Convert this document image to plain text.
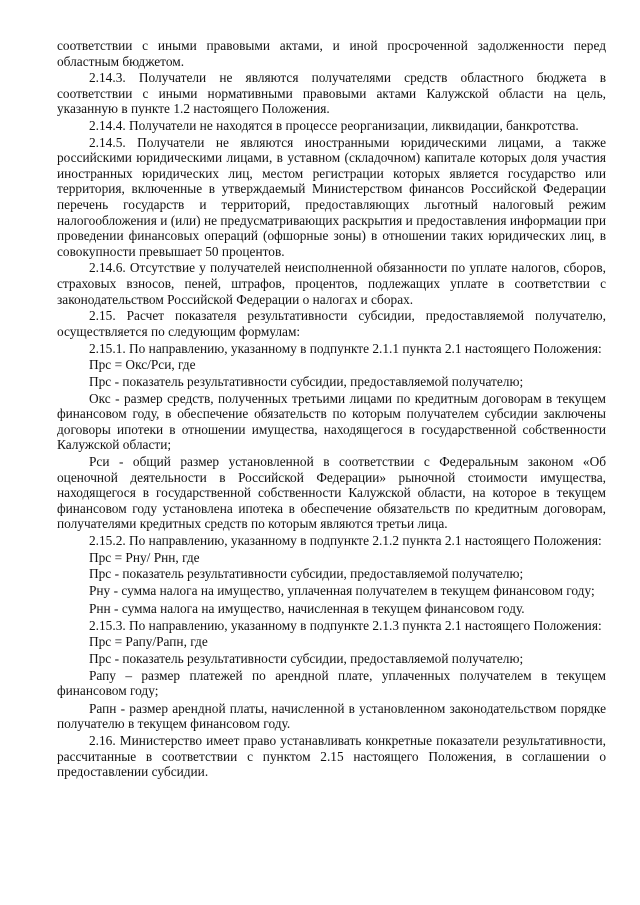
соответствии с иными правовыми актами, и иной просроченной задолженности перед областным бюджетом.

2.14.3. Получатели не являются получателями средств областного бюджета в соответствии с иными нормативными правовыми актами Калужской области на цель, указанную в пункте 1.2 настоящего Положения.

2.14.4. Получатели не находятся в процессе реорганизации, ликвидации, банкротства.

2.14.5. Получатели не являются иностранными юридическими лицами, а также российскими юридическими лицами, в уставном (складочном) капитале которых доля участия иностранных юридических лиц, местом регистрации которых является государство или территория, включенные в утверждаемый Министерством финансов Российской Федерации перечень государств и территорий, предоставляющих льготный налоговый режим налогообложения и (или) не предусматривающих раскрытия и предоставления информации при проведении финансовых операций (офшорные зоны) в отношении таких юридических лиц, в совокупности превышает 50 процентов.

2.14.6. Отсутствие у получателей неисполненной обязанности по уплате налогов, сборов, страховых взносов, пеней, штрафов, процентов, подлежащих уплате в соответствии с законодательством Российской Федерации о налогах и сборах.

2.15. Расчет показателя результативности субсидии, предоставляемой получателю, осуществляется по следующим формулам:

2.15.1. По направлению, указанному в подпункте 2.1.1 пункта 2.1 настоящего Положения:

Прс = Окс/Рси, где

Прс - показатель результативности субсидии, предоставляемой получателю;

Окс - размер средств, полученных третьими лицами по кредитным договорам в текущем финансовом году, в обеспечение обязательств по которым получателем субсидии заключены договоры ипотеки в отношении имущества, находящегося в государственной собственности Калужской области;

Рси - общий размер установленной в соответствии с Федеральным законом «Об оценочной деятельности в Российской Федерации» рыночной стоимости имущества, находящегося в государственной собственности Калужской области, на которое в текущем финансовом году установлена ипотека в обеспечение обязательств по кредитным договорам, получателями кредитных средств по которым являются третьи лица.

2.15.2. По направлению, указанному в подпункте 2.1.2 пункта 2.1 настоящего Положения:

Прс = Рну/ Рнн, где

Прс - показатель результативности субсидии, предоставляемой получателю;

Рну - сумма налога на имущество, уплаченная получателем в текущем финансовом году;

Рнн - сумма налога на имущество, начисленная в текущем финансовом году.

2.15.3. По направлению, указанному в подпункте 2.1.3 пункта 2.1 настоящего Положения:

Прс = Рапу/Рапн, где

Прс - показатель результативности субсидии, предоставляемой получателю;

Рапу – размер платежей по арендной плате, уплаченных получателем в текущем финансовом году;

Рапн - размер арендной платы, начисленной в установленном законодательством порядке получателю в текущем финансовом году.

2.16. Министерство имеет право устанавливать конкретные показатели результативности, рассчитанные в соответствии с пунктом 2.15 настоящего Положения, в соглашении о предоставлении субсидии.
